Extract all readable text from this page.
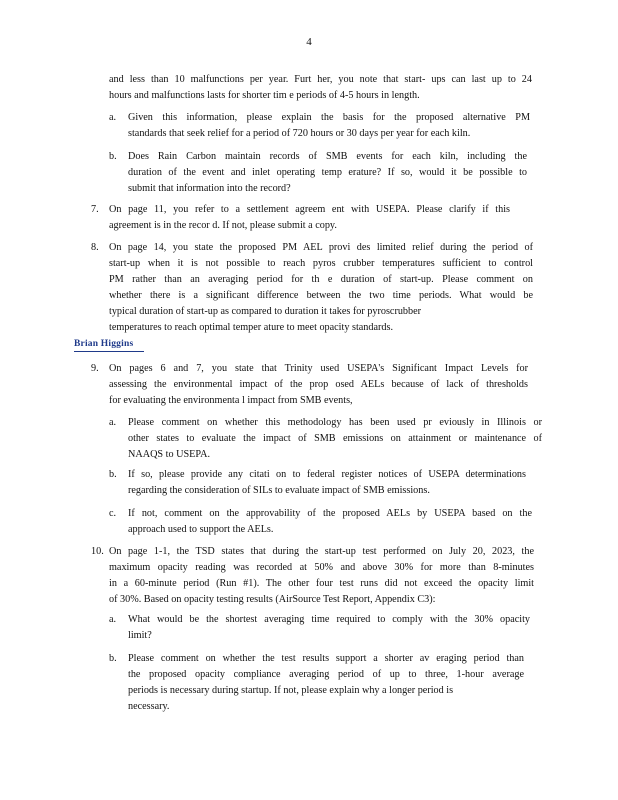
4
and less than 10 malfunctions per year. Furt her, you note that start- ups can last up to 24
hours and malfunctions lasts for shorter tim e periods of 4-5 hours in length.
a. Given this information, please explain the basis for the proposed alternative PM
standards that seek relief for a period of 720 hours or 30 days per year for each kiln.
b. Does Rain Carbon maintain records of SMB events for each kiln, including the
duration of the event and inlet operating temp erature? If so, would it be possible to
submit that information into the record?
7. On page 11, you refer to a settlement agreem ent with USEPA. Please clarify if this
agreement is in the recor d. If not, please submit a copy.
8. On page 14, you state the proposed PM AEL provi des limited relief during the period of
start-up when it is not possible to reach pyros crubber temperatures sufficient to control
PM rather than an averaging period for th e duration of start-up. Please comment on
whether there is a significant difference between the two time periods. What would be
typical duration of start-up as compared to duration it takes for pyroscrubber
temperatures to reach optimal temper ature to meet opacity standards.
Brian Higgins
9. On pages 6 and 7, you state that Trinity used USEPA's Significant Impact Levels for
assessing the environmental impact of the prop osed AELs because of lack of thresholds
for evaluating the environmenta l impact from SMB events,
a. Please comment on whether this methodology has been used pr eviously in Illinois or
other states to evaluate the impact of SMB emissions on attainment or maintenance of
NAAQS to USEPA.
b. If so, please provide any citati on to federal register notices of USEPA determinations
regarding the consideration of SILs to evaluate impact of SMB emissions.
c. If not, comment on the approvability of the proposed AELs by USEPA based on the
approach used to support the AELs.
10. On page 1-1, the TSD states that during the start-up test performed on July 20, 2023, the
maximum opacity reading was recorded at 50% and above 30% for more than 8-minutes
in a 60-minute period (Run #1). The other four test runs did not exceed the opacity limit
of 30%. Based on opacity testing results (AirSource Test Report, Appendix C3):
a. What would be the shortest averaging time required to comply with the 30% opacity
limit?
b. Please comment on whether the test results support a shorter av eraging period than
the proposed opacity compliance averaging period of up to three, 1-hour average
periods is necessary during startup. If not, please explain why a longer period is
necessary.
